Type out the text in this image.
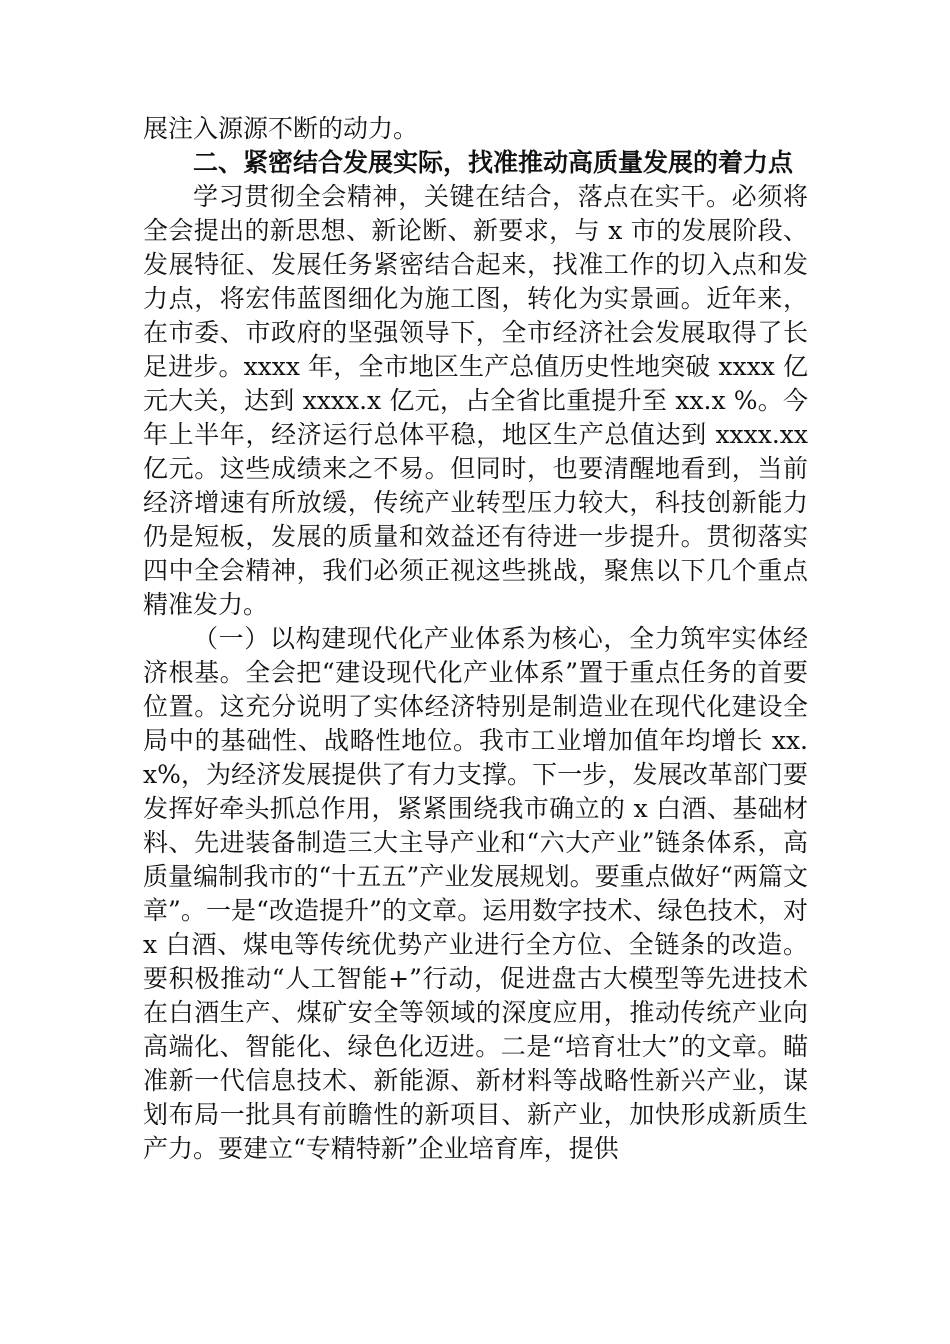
展注入源源不断的动力。

二、紧密结合发展实际，找准推动高质量发展的着力点

学习贯彻全会精神，关键在结合，落点在实干。必须将全会提出的新思想、新论断、新要求，与 x 市的发展阶段、发展特征、发展任务紧密结合起来，找准工作的切入点和发力点，将宏伟蓝图细化为施工图，转化为实景画。近年来，在市委、市政府的坚强领导下，全市经济社会发展取得了长足进步。xxxx 年，全市地区生产总值历史性地突破 xxxx 亿元大关，达到 xxxx.x 亿元，占全省比重提升至 xx.x %。今年上半年，经济运行总体平稳，地区生产总值达到 xxxx.xx 亿元。这些成绩来之不易。但同时，也要清醒地看到，当前经济增速有所放缓，传统产业转型压力较大，科技创新能力仍是短板，发展的质量和效益还有待进一步提升。贯彻落实四中全会精神，我们必须正视这些挑战，聚焦以下几个重点精准发力。

（一）以构建现代化产业体系为核心，全力筑牢实体经济根基。全会把“建设现代化产业体系”置于重点任务的首要位置。这充分说明了实体经济特别是制造业在现代化建设全局中的基础性、战略性地位。我市工业增加值年均增长 xx.x%，为经济发展提供了有力支撑。下一步，发展改革部门要发挥好牵头抓总作用，紧紧围绕我市确立的 x 白酒、基础材料、先进装备制造三大主导产业和“六大产业”链条体系，高质量编制我市的“十五五”产业发展规划。要重点做好“两篇文章”。一是“改造提升”的文章。运用数字技术、绿色技术，对 x 白酒、煤电等传统优势产业进行全方位、全链条的改造。要积极推动“人工智能+”行动，促进盘古大模型等先进技术在白酒生产、煤矿安全等领域的深度应用，推动传统产业向高端化、智能化、绿色化迈进。二是“培育壮大”的文章。瞄准新一代信息技术、新能源、新材料等战略性新兴产业，谋划布局一批具有前瞻性的新项目、新产业，加快形成新质生产力。要建立“专精特新”企业培育库，提供
